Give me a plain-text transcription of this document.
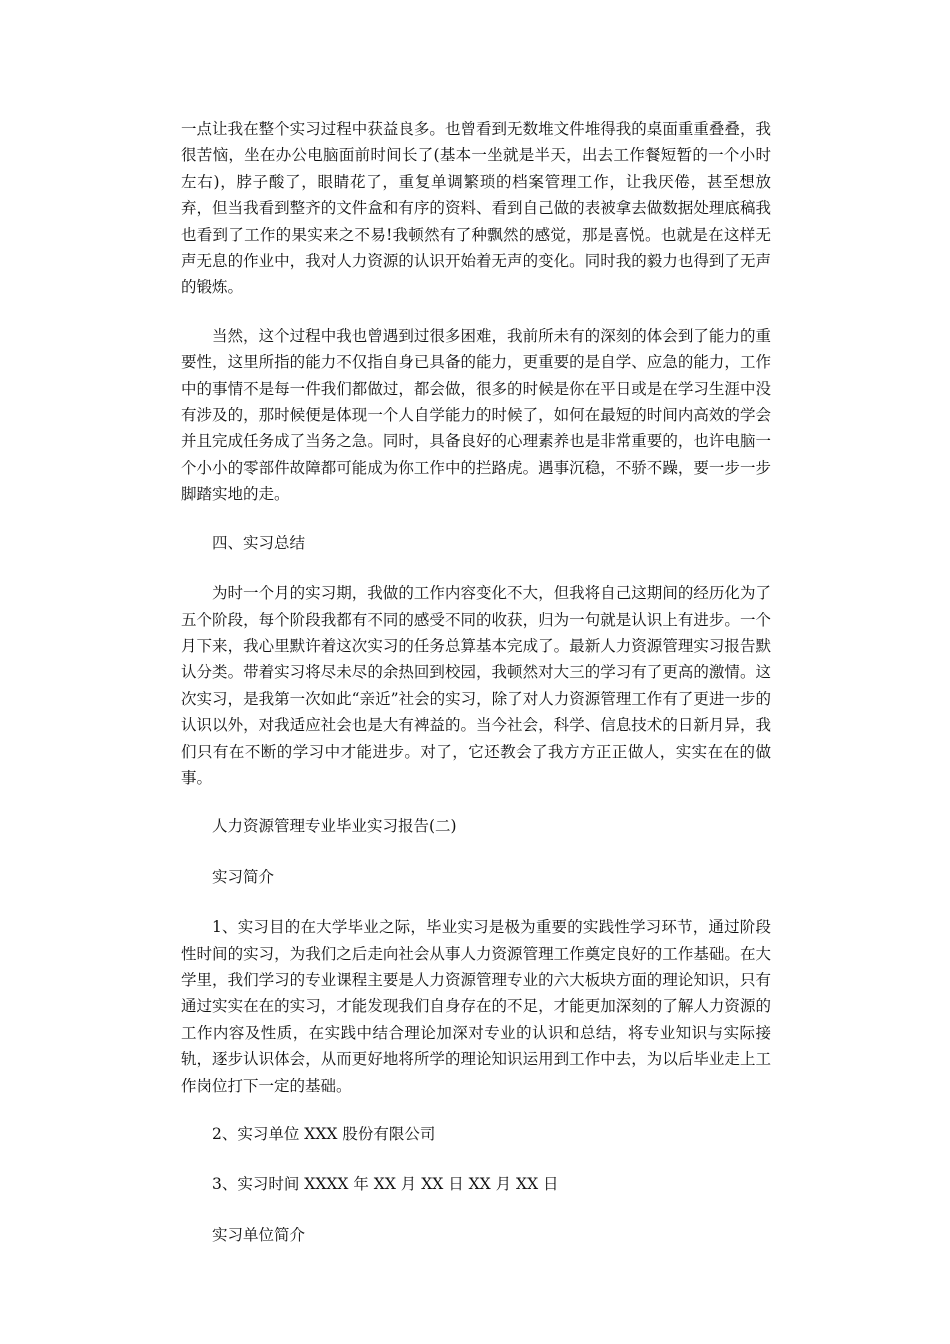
一点让我在整个实习过程中获益良多。也曾看到无数堆文件堆得我的桌面重重叠叠，我很苦恼，坐在办公电脑面前时间长了(基本一坐就是半天，出去工作餐短暂的一个小时左右)，脖子酸了，眼睛花了，重复单调繁琐的档案管理工作，让我厌倦，甚至想放弃，但当我看到整齐的文件盒和有序的资料、看到自己做的表被拿去做数据处理底稿我也看到了工作的果实来之不易!我顿然有了种飘然的感觉，那是喜悦。也就是在这样无声无息的作业中，我对人力资源的认识开始着无声的变化。同时我的毅力也得到了无声的锻炼。

当然，这个过程中我也曾遇到过很多困难，我前所未有的深刻的体会到了能力的重要性，这里所指的能力不仅指自身已具备的能力，更重要的是自学、应急的能力，工作中的事情不是每一件我们都做过，都会做，很多的时候是你在平日或是在学习生涯中没有涉及的，那时候便是体现一个人自学能力的时候了，如何在最短的时间内高效的学会并且完成任务成了当务之急。同时，具备良好的心理素养也是非常重要的，也许电脑一个小小的零部件故障都可能成为你工作中的拦路虎。遇事沉稳，不骄不躁，要一步一步脚踏实地的走。

四、实习总结

为时一个月的实习期，我做的工作内容变化不大，但我将自己这期间的经历化为了五个阶段，每个阶段我都有不同的感受不同的收获，归为一句就是认识上有进步。一个月下来，我心里默许着这次实习的任务总算基本完成了。最新人力资源管理实习报告默认分类。带着实习将尽未尽的余热回到校园，我顿然对大三的学习有了更高的激情。这次实习，是我第一次如此“亲近”社会的实习，除了对人力资源管理工作有了更进一步的认识以外，对我适应社会也是大有裨益的。当今社会，科学、信息技术的日新月异，我们只有在不断的学习中才能进步。对了，它还教会了我方方正正做人，实实在在的做事。

人力资源管理专业毕业实习报告(二)

实习简介

1、实习目的在大学毕业之际，毕业实习是极为重要的实践性学习环节，通过阶段性时间的实习，为我们之后走向社会从事人力资源管理工作奠定良好的工作基础。在大学里，我们学习的专业课程主要是人力资源管理专业的六大板块方面的理论知识，只有通过实实在在的实习，才能发现我们自身存在的不足，才能更加深刻的了解人力资源的工作内容及性质，在实践中结合理论加深对专业的认识和总结，将专业知识与实际接轨，逐步认识体会，从而更好地将所学的理论知识运用到工作中去，为以后毕业走上工作岗位打下一定的基础。

2、实习单位 XXX 股份有限公司

3、实习时间 XXXX 年 XX 月 XX 日 XX 月 XX 日

实习单位简介
